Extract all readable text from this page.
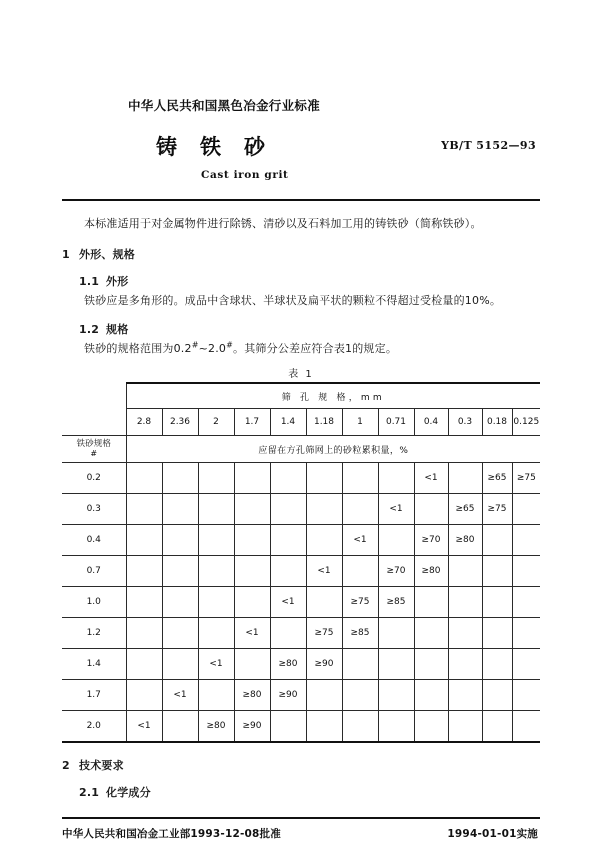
中华人民共和国黑色冶金行业标准
铸铁砂	YB/T 5152—93
Cast iron grit
本标准适用于对金属物件进行除锈、清砂以及石料加工用的铸铁砂（简称铁砂）。
1 外形、规格
1.1 外形
铁砂应是多角形的。成品中含球状、半球状及扁平状的颗粒不得超过受检量的10%。
1.2 规格
铁砂的规格范围为0.2#~2.0#。其筛分公差应符合表1的规定。
表 1
	筛 孔 规 格，mm											
	2.8	2.36	2	1.7	1.4	1.18	1	0.71	0.4	0.3	0.18	0.125
铁砂规格
#	应留在方孔筛网上的砂粒累积量，%											
0.2									<1		≥65	≥75
0.3								<1		≥65	≥75	
0.4							<1		≥70	≥80		
0.7						<1		≥70	≥80			
1.0					<1		≥75	≥85				
1.2				<1		≥75	≥85					
1.4			<1		≥80	≥90						
1.7		<1		≥80	≥90							
2.0	<1		≥80	≥90								
2 技术要求
2.1 化学成分
中华人民共和国冶金工业部1993-12-08批准	1994-01-01实施
